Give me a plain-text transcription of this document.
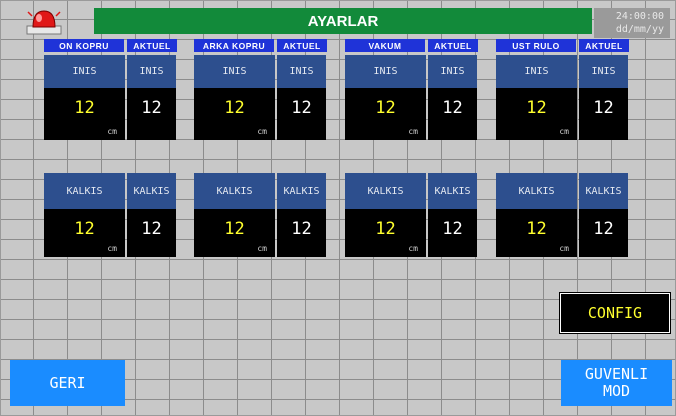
AYARLAR	24:00:00
dd/mm/yy
ON KOPRU	AKTUEL
INIS	INIS
12
cm
12
KALKIS	KALKIS
12
cm
12
ARKA KOPRU	AKTUEL
INIS	INIS
12
cm
12
KALKIS	KALKIS
12
cm
12
VAKUM	AKTUEL
INIS	INIS
12
cm
12
KALKIS	KALKIS
12
cm
12
UST RULO	AKTUEL
INIS	INIS
12
cm
12
KALKIS	KALKIS
12
cm
12
CONFIG
GERI	GUVENLI
MOD
